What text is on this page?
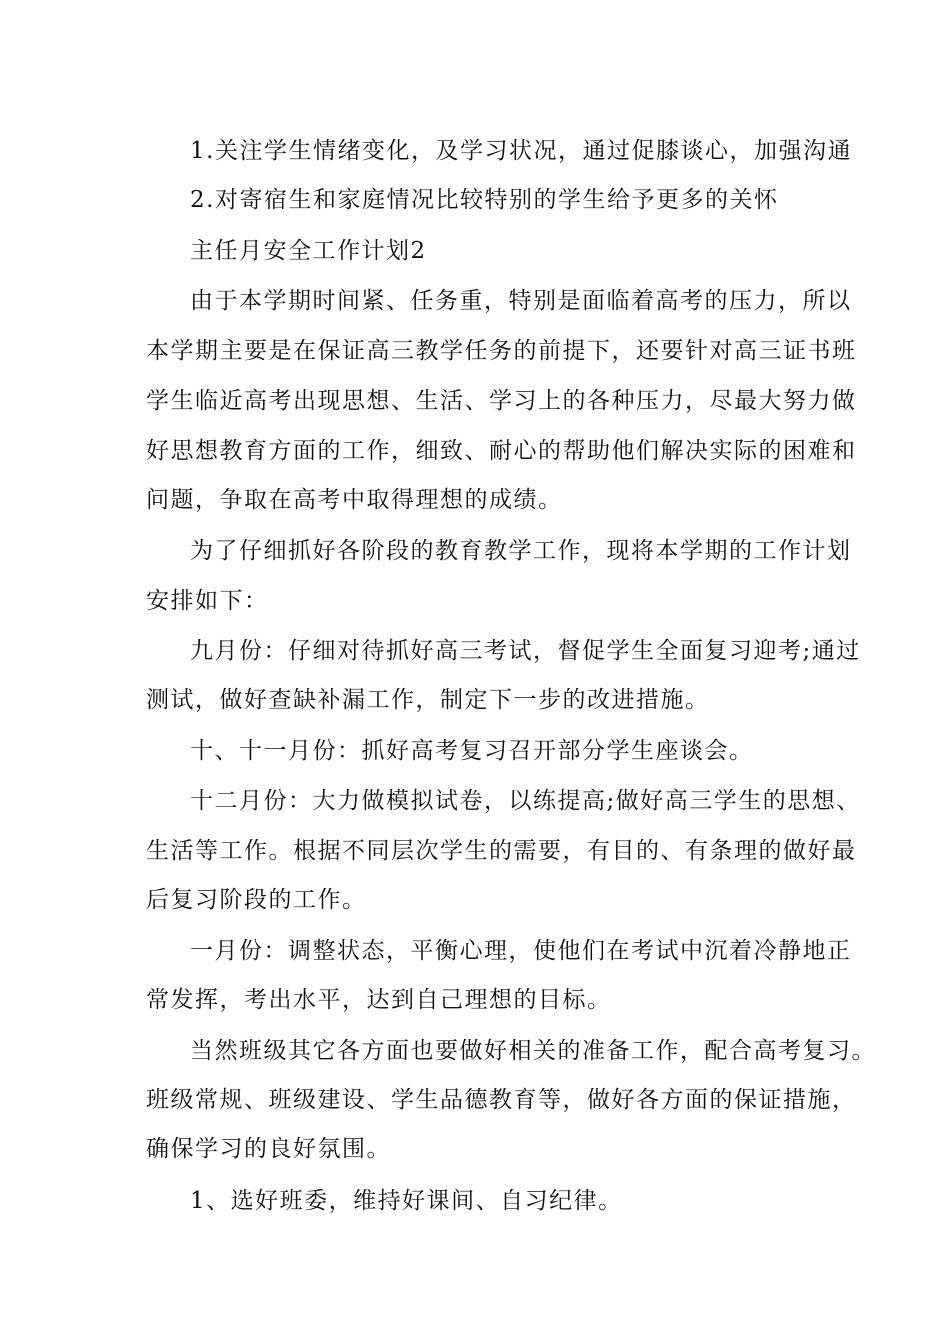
1.关注学生情绪变化，及学习状况，通过促膝谈心，加强沟通
2.对寄宿生和家庭情况比较特别的学生给予更多的关怀
主任月安全工作计划2
由于本学期时间紧、任务重，特别是面临着高考的压力，所以
本学期主要是在保证高三教学任务的前提下，还要针对高三证书班
学生临近高考出现思想、生活、学习上的各种压力，尽最大努力做
好思想教育方面的工作，细致、耐心的帮助他们解决实际的困难和
问题，争取在高考中取得理想的成绩。
为了仔细抓好各阶段的教育教学工作，现将本学期的工作计划
安排如下：
九月份：仔细对待抓好高三考试，督促学生全面复习迎考;通过
测试，做好查缺补漏工作，制定下一步的改进措施。
十、十一月份：抓好高考复习召开部分学生座谈会。
十二月份：大力做模拟试卷，以练提高;做好高三学生的思想、
生活等工作。根据不同层次学生的需要，有目的、有条理的做好最
后复习阶段的工作。
一月份：调整状态，平衡心理，使他们在考试中沉着冷静地正
常发挥，考出水平，达到自己理想的目标。
当然班级其它各方面也要做好相关的准备工作，配合高考复习。
班级常规、班级建设、学生品德教育等，做好各方面的保证措施，
确保学习的良好氛围。
1、选好班委，维持好课间、自习纪律。
